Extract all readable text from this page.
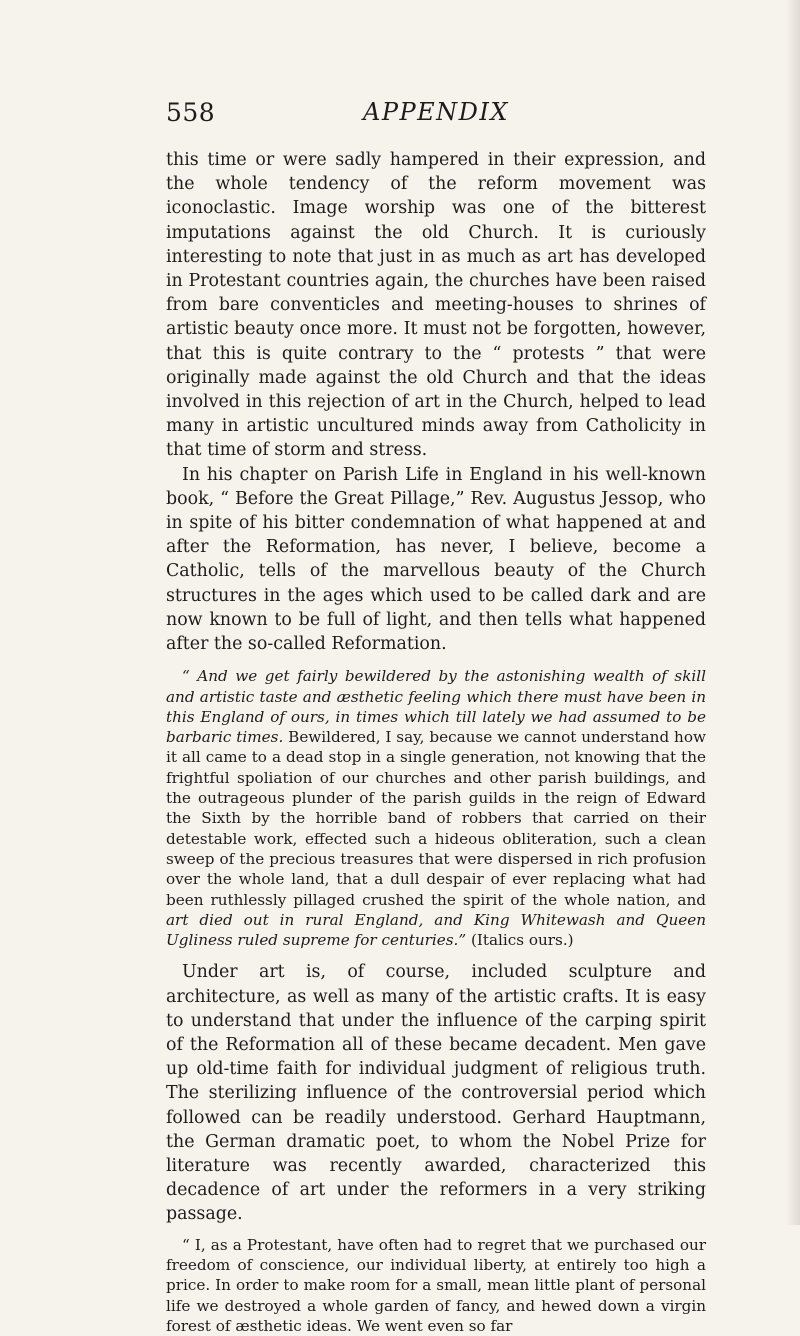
558	APPENDIX

this time or were sadly hampered in their expression, and the whole tendency of the reform movement was iconoclastic. Image worship was one of the bitterest imputations against the old Church. It is curiously interesting to note that just in as much as art has developed in Protestant countries again, the churches have been raised from bare conventicles and meeting-houses to shrines of artistic beauty once more. It must not be forgotten, however, that this is quite contrary to the “ protests ” that were originally made against the old Church and that the ideas involved in this rejection of art in the Church, helped to lead many in artistic uncultured minds away from Catholicity in that time of storm and stress.

In his chapter on Parish Life in England in his well-known book, “ Before the Great Pillage,” Rev. Augustus Jessop, who in spite of his bitter condemnation of what happened at and after the Reformation, has never, I believe, become a Catholic, tells of the marvellous beauty of the Church structures in the ages which used to be called dark and are now known to be full of light, and then tells what happened after the so-called Reformation.

“ And we get fairly bewildered by the astonishing wealth of skill and artistic taste and æsthetic feeling which there must have been in this England of ours, in times which till lately we had assumed to be barbaric times. Bewildered, I say, because we cannot understand how it all came to a dead stop in a single generation, not knowing that the frightful spoliation of our churches and other parish buildings, and the outrageous plunder of the parish guilds in the reign of Edward the Sixth by the horrible band of robbers that carried on their detestable work, effected such a hideous obliteration, such a clean sweep of the precious treasures that were dispersed in rich profusion over the whole land, that a dull despair of ever replacing what had been ruthlessly pillaged crushed the spirit of the whole nation, and art died out in rural England, and King Whitewash and Queen Ugliness ruled supreme for centuries.” (Italics ours.)

Under art is, of course, included sculpture and architecture, as well as many of the artistic crafts. It is easy to understand that under the influence of the carping spirit of the Reformation all of these became decadent. Men gave up old-time faith for individual judgment of religious truth. The sterilizing influence of the controversial period which followed can be readily understood. Gerhard Hauptmann, the German dramatic poet, to whom the Nobel Prize for literature was recently awarded, characterized this decadence of art under the reformers in a very striking passage.

“ I, as a Protestant, have often had to regret that we purchased our freedom of conscience, our individual liberty, at entirely too high a price. In order to make room for a small, mean little plant of personal life we destroyed a whole garden of fancy, and hewed down a virgin forest of æsthetic ideas. We went even so far
